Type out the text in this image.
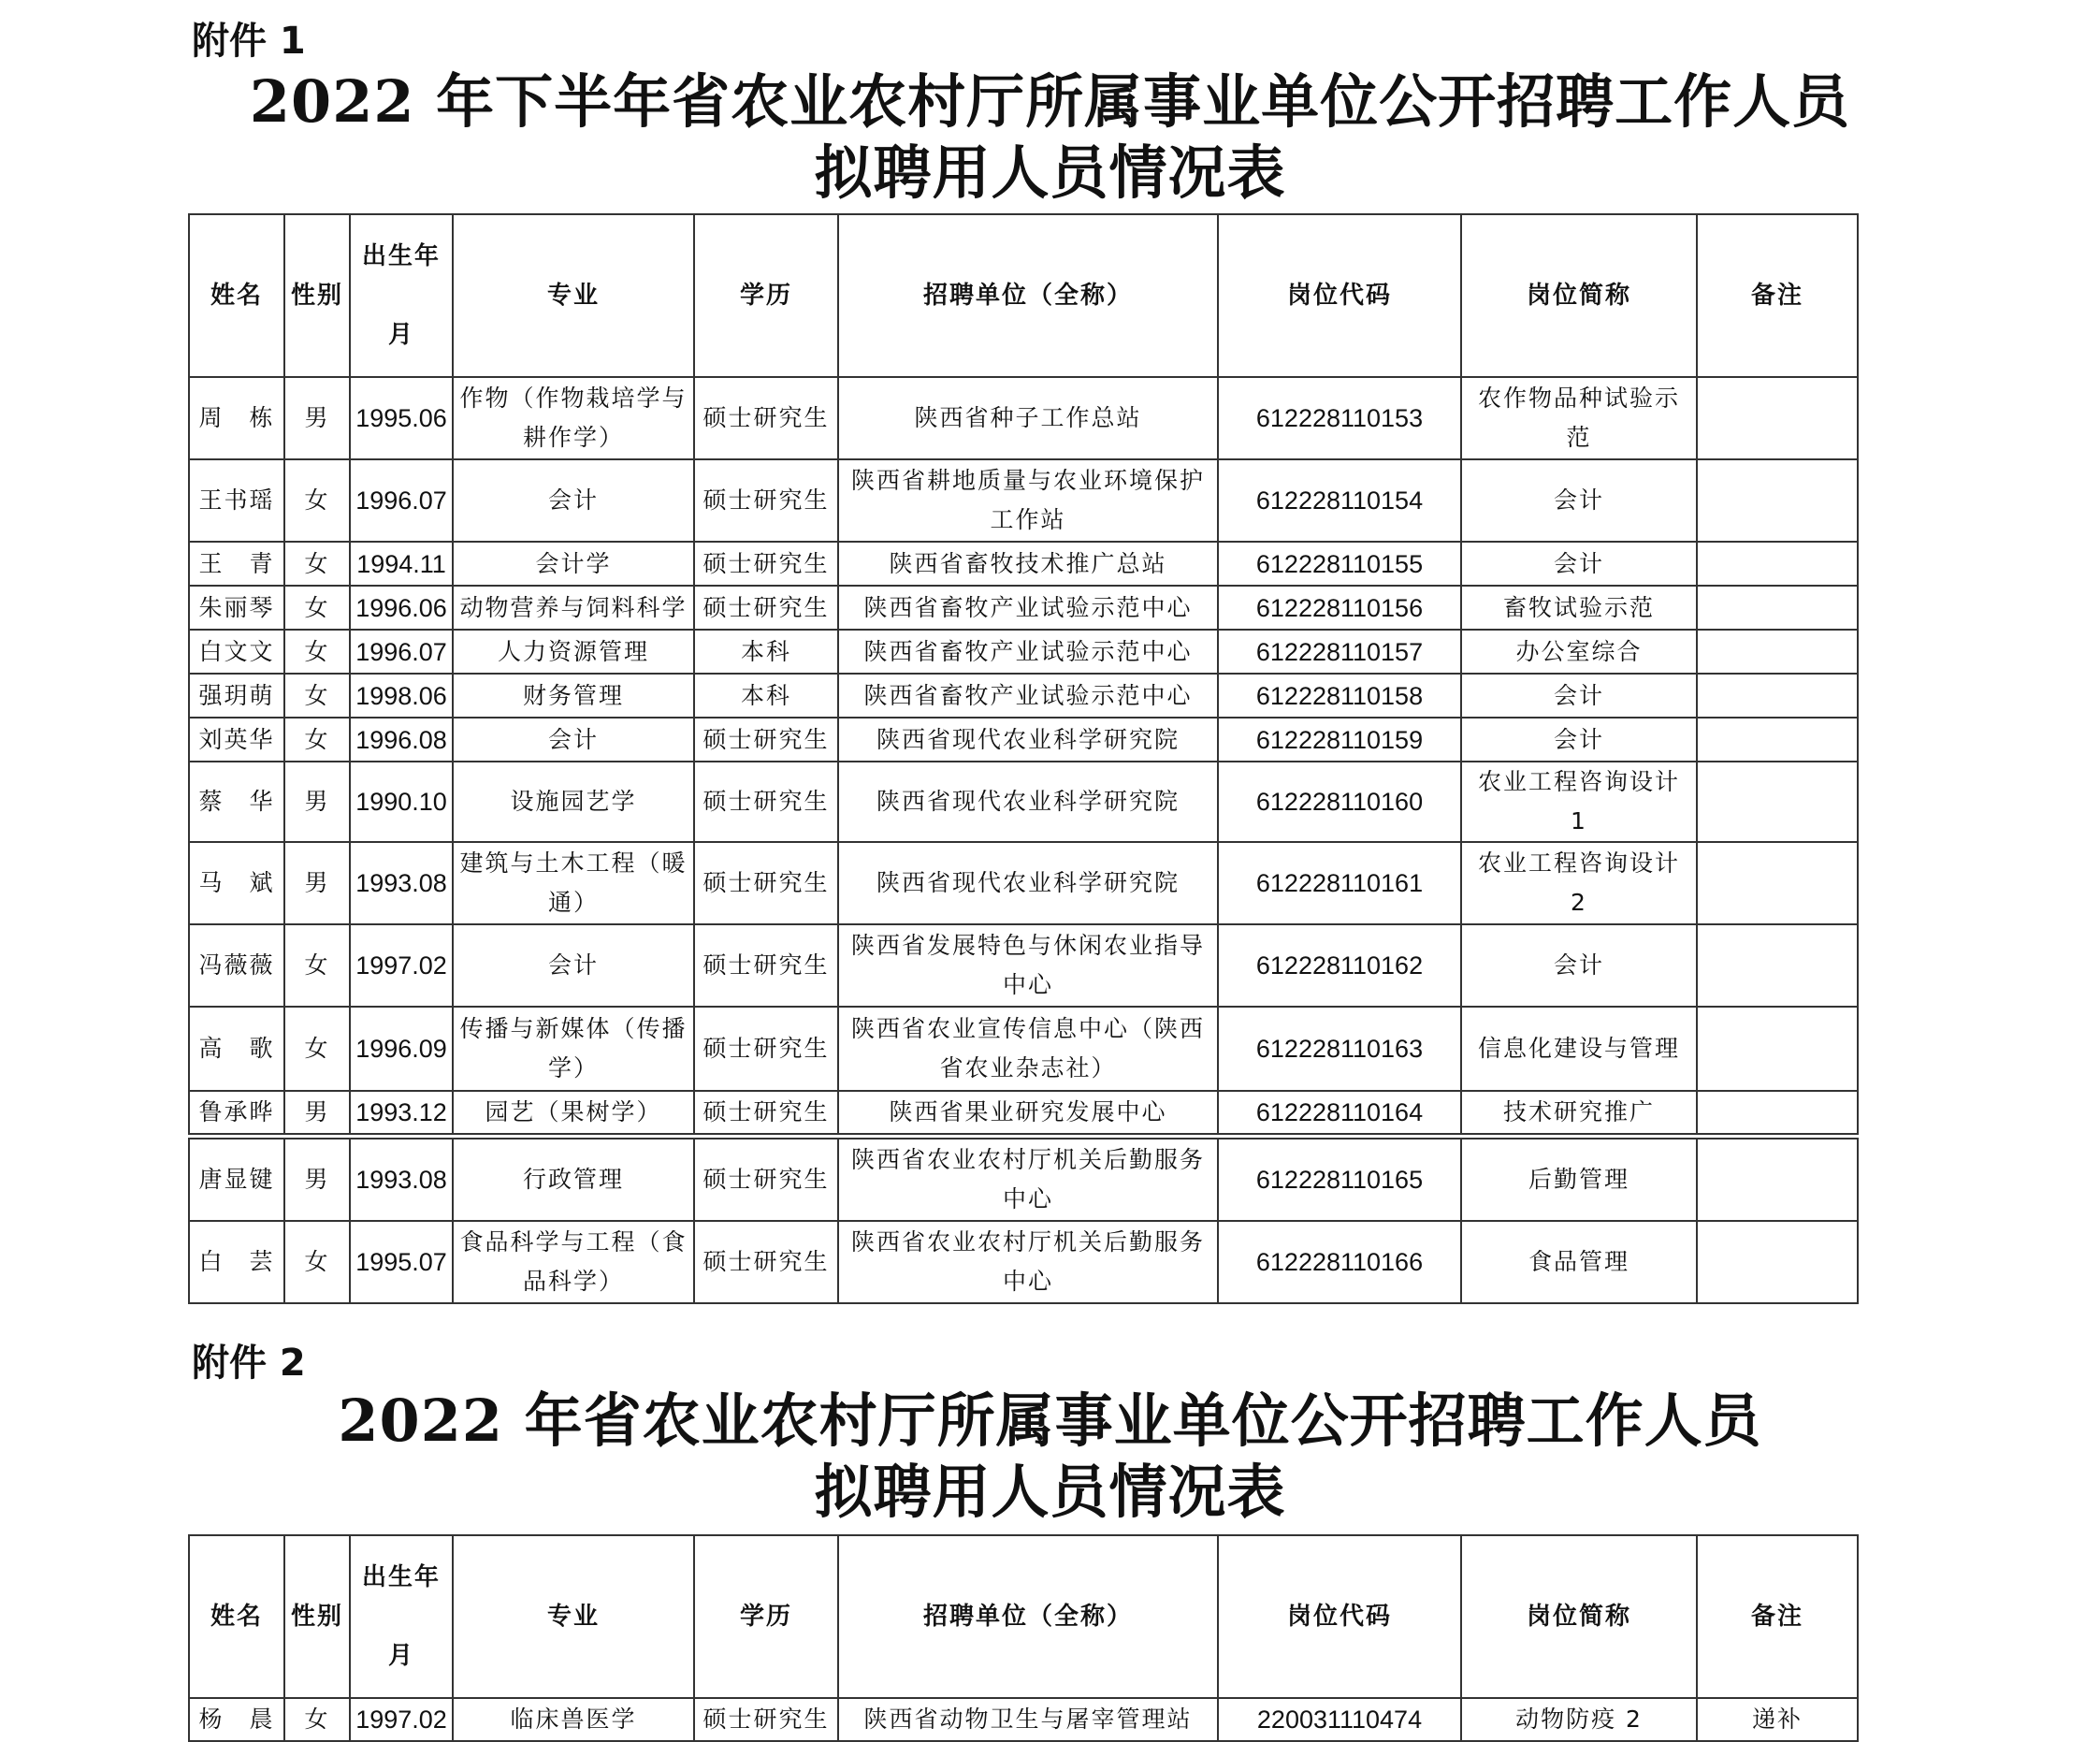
附件 1
2022 年下半年省农业农村厅所属事业单位公开招聘工作人员
拟聘用人员情况表
姓名	性别	出生年月	专业	学历	招聘单位（全称）	岗位代码	岗位简称	备注
周　栋	男	1995.06	作物（作物栽培学与耕作学）	硕士研究生	陕西省种子工作总站	612228110153	农作物品种试验示范	
王书瑶	女	1996.07	会计	硕士研究生	陕西省耕地质量与农业环境保护工作站	612228110154	会计	
王　青	女	1994.11	会计学	硕士研究生	陕西省畜牧技术推广总站	612228110155	会计	
朱丽琴	女	1996.06	动物营养与饲料科学	硕士研究生	陕西省畜牧产业试验示范中心	612228110156	畜牧试验示范	
白文文	女	1996.07	人力资源管理	本科	陕西省畜牧产业试验示范中心	612228110157	办公室综合	
强玥萌	女	1998.06	财务管理	本科	陕西省畜牧产业试验示范中心	612228110158	会计	
刘英华	女	1996.08	会计	硕士研究生	陕西省现代农业科学研究院	612228110159	会计	
蔡　华	男	1990.10	设施园艺学	硕士研究生	陕西省现代农业科学研究院	612228110160	农业工程咨询设计 1	
马　斌	男	1993.08	建筑与土木工程（暖通）	硕士研究生	陕西省现代农业科学研究院	612228110161	农业工程咨询设计 2	
冯薇薇	女	1997.02	会计	硕士研究生	陕西省发展特色与休闲农业指导中心	612228110162	会计	
高　歌	女	1996.09	传播与新媒体（传播学）	硕士研究生	陕西省农业宣传信息中心（陕西省农业杂志社）	612228110163	信息化建设与管理	
鲁承晔	男	1993.12	园艺（果树学）	硕士研究生	陕西省果业研究发展中心	612228110164	技术研究推广	
唐显键	男	1993.08	行政管理	硕士研究生	陕西省农业农村厅机关后勤服务中心	612228110165	后勤管理	
白　芸	女	1995.07	食品科学与工程（食品科学）	硕士研究生	陕西省农业农村厅机关后勤服务中心	612228110166	食品管理	
附件 2
2022 年省农业农村厅所属事业单位公开招聘工作人员
拟聘用人员情况表
姓名	性别	出生年月	专业	学历	招聘单位（全称）	岗位代码	岗位简称	备注
杨　晨	女	1997.02	临床兽医学	硕士研究生	陕西省动物卫生与屠宰管理站	220031110474	动物防疫 2	递补
